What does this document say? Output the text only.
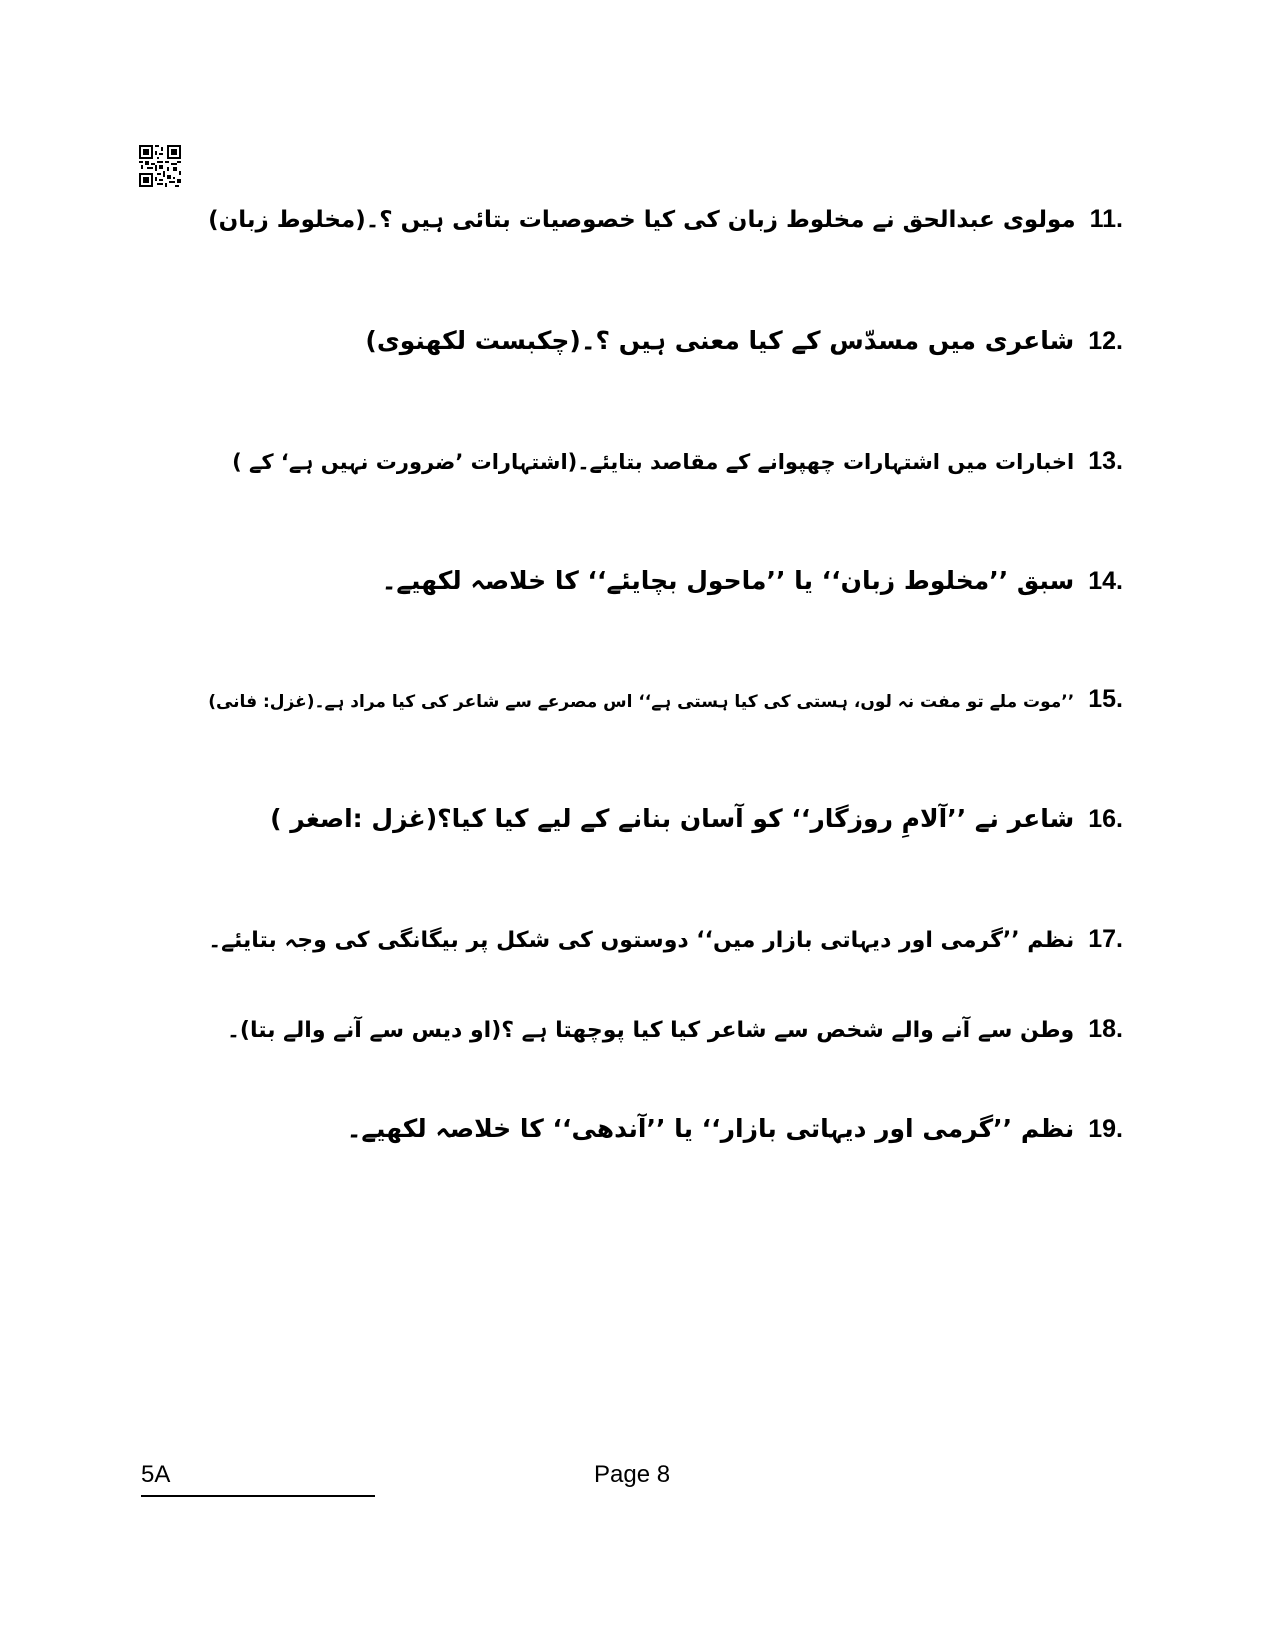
11.
مولوی عبدالحق نے مخلوط زبان کی کیا خصوصیات بتائی ہیں ؟۔(مخلوط زبان)
12.
شاعری میں مسدّس کے کیا معنی ہیں ؟۔(چکبست لکھنوی)
13.
اخبارات میں اشتہارات چھپوانے کے مقاصد بتایئے۔(اشتہارات ’ضرورت نہیں ہے‘ کے )
14.
سبق ’’مخلوط زبان‘‘ یا ’’ماحول بچایئے‘‘ کا خلاصہ لکھیے۔
15.
’’موت ملے تو مفت نہ لوں، ہستی کی کیا ہستی ہے‘‘ اس مصرعے سے شاعر کی کیا مراد ہے۔(غزل: فانی)
16.
شاعر نے ’’آلامِ روزگار‘‘ کو آسان بنانے کے لیے کیا کیا؟(غزل :اصغر )
17.
نظم ’’گرمی اور دیہاتی بازار میں‘‘ دوستوں کی شکل پر بیگانگی کی وجہ بتایئے۔
18.
وطن سے آنے والے شخص سے شاعر کیا کیا پوچھتا ہے ؟(او دیس سے آنے والے بتا)۔
19.
نظم ’’گرمی اور دیہاتی بازار‘‘ یا ’’آندھی‘‘ کا خلاصہ لکھیے۔
5A	Page 8
